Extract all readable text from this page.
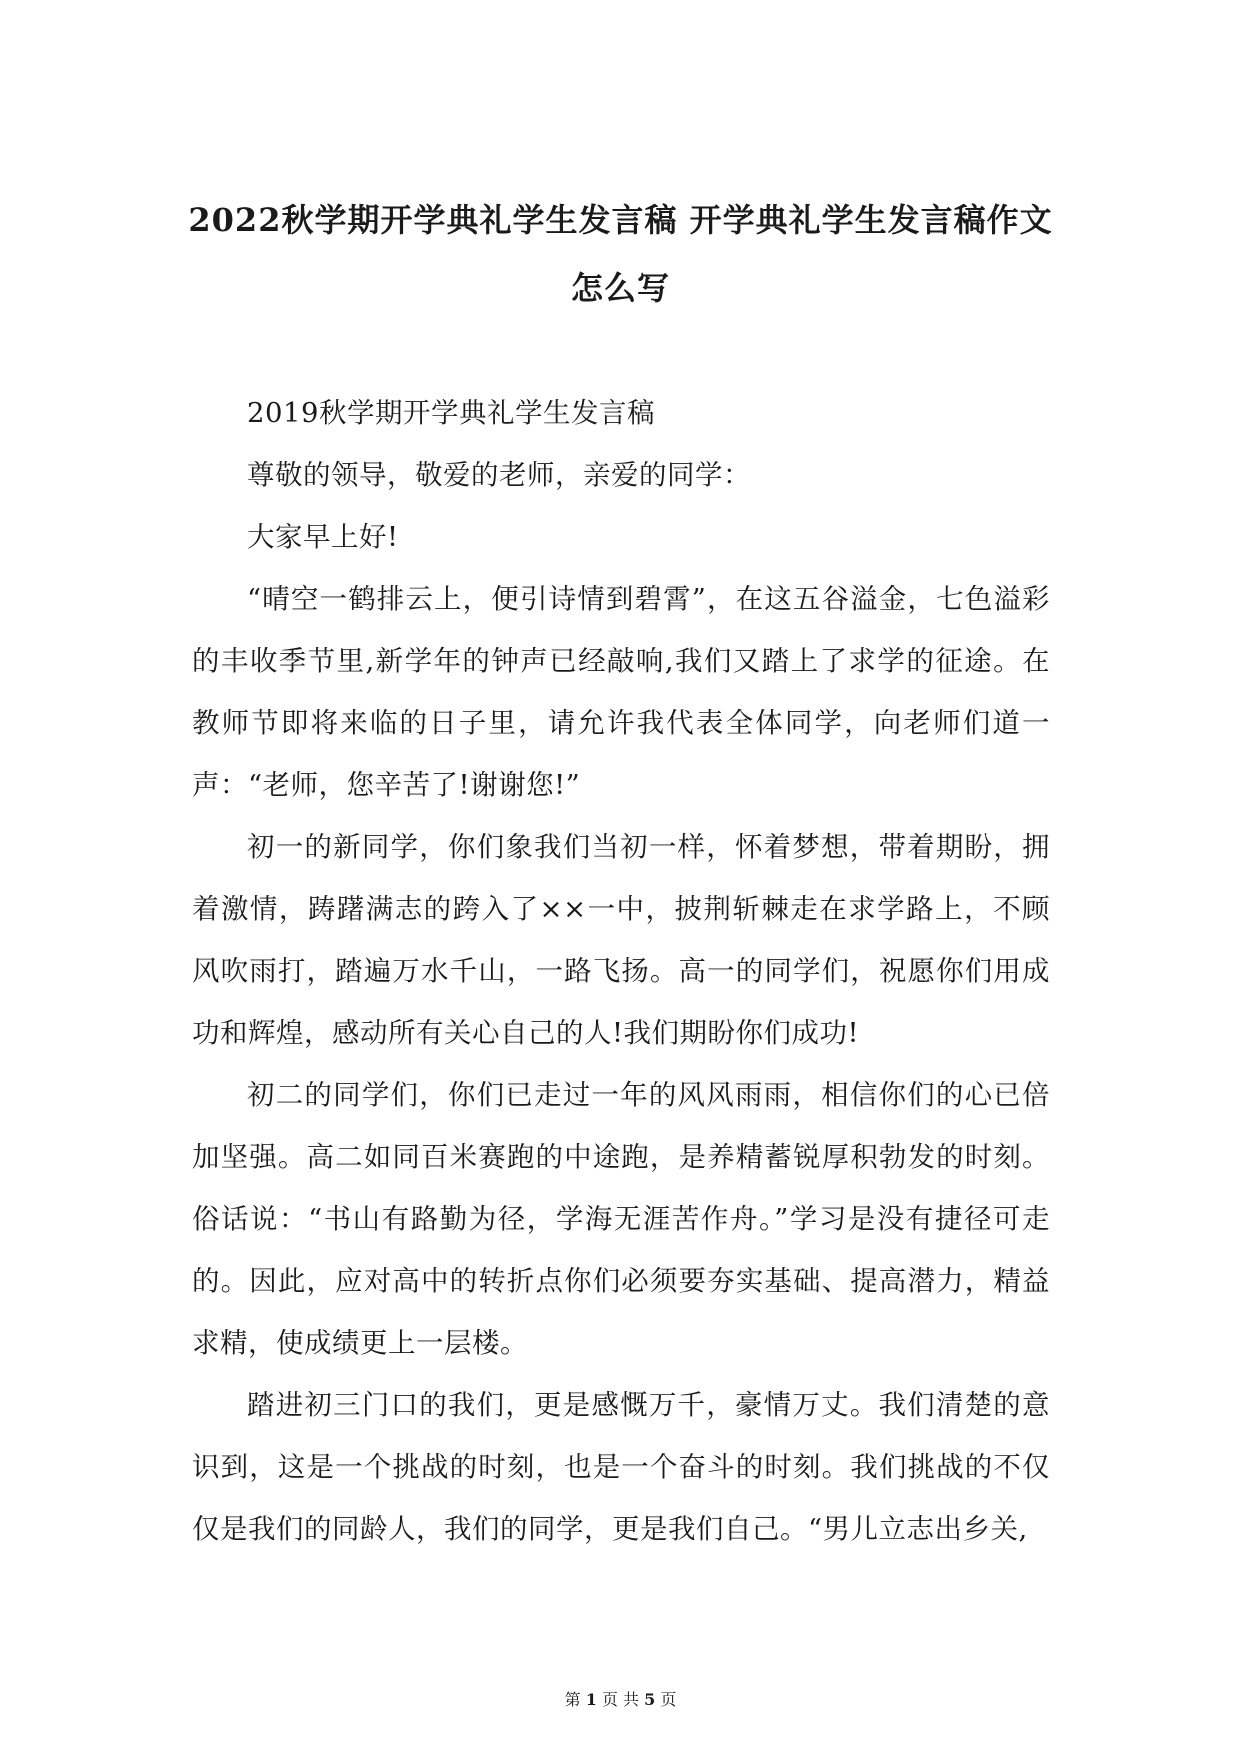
2022秋学期开学典礼学生发言稿 开学典礼学生发言稿作文
怎么写

2019秋学期开学典礼学生发言稿

尊敬的领导，敬爱的老师，亲爱的同学：

大家早上好!

“晴空一鹤排云上，便引诗情到碧霄”，在这五谷溢金，七色溢彩的丰收季节里,新学年的钟声已经敲响,我们又踏上了求学的征途。在教师节即将来临的日子里，请允许我代表全体同学，向老师们道一声：“老师，您辛苦了!谢谢您!”

初一的新同学，你们象我们当初一样，怀着梦想，带着期盼，拥着激情，踌躇满志的跨入了××一中，披荆斩棘走在求学路上，不顾风吹雨打，踏遍万水千山，一路飞扬。高一的同学们，祝愿你们用成功和辉煌，感动所有关心自己的人!我们期盼你们成功!

初二的同学们，你们已走过一年的风风雨雨，相信你们的心已倍加坚强。高二如同百米赛跑的中途跑，是养精蓄锐厚积勃发的时刻。俗话说：“书山有路勤为径，学海无涯苦作舟。”学习是没有捷径可走的。因此，应对高中的转折点你们必须要夯实基础、提高潜力，精益求精，使成绩更上一层楼。

踏进初三门口的我们，更是感慨万千，豪情万丈。我们清楚的意识到，这是一个挑战的时刻，也是一个奋斗的时刻。我们挑战的不仅仅是我们的同龄人，我们的同学，更是我们自己。“男儿立志出乡关,

第 1 页 共 5 页
